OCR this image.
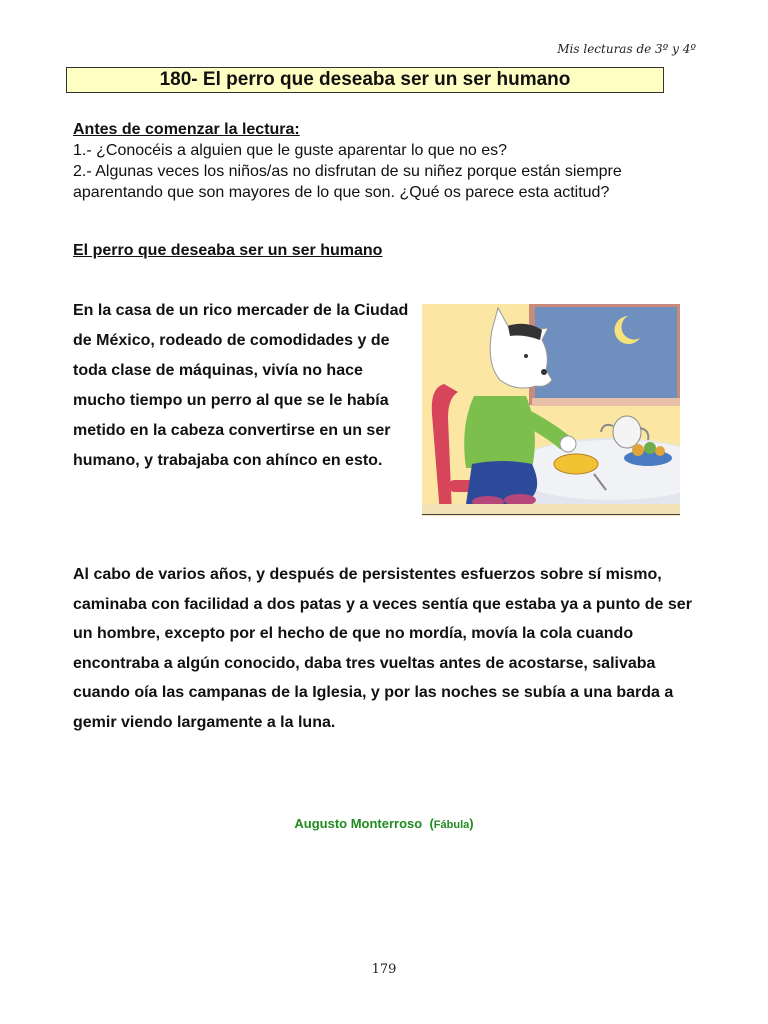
Mis lecturas de 3º y 4º
180- El perro que deseaba ser un ser humano
Antes de comenzar la lectura:
1.- ¿Conocéis a alguien que le guste aparentar lo que no es?
2.- Algunas veces los niños/as no disfrutan de su niñez porque están siempre aparentando que son mayores de lo que son. ¿Qué os parece esta actitud?
El perro que deseaba ser un ser humano
En la casa de un rico mercader de la Ciudad de México, rodeado de comodidades y de toda clase de máquinas, vivía no hace mucho tiempo un perro al que se le había metido en la cabeza convertirse en un ser humano, y trabajaba con ahínco en esto.
Al cabo de varios años, y después de persistentes esfuerzos sobre sí mismo, caminaba con facilidad a dos patas y a veces sentía que estaba ya a punto de ser un hombre, excepto por el hecho de que no mordía, movía la cola cuando encontraba a algún conocido, daba tres vueltas antes de acostarse, salivaba cuando oía las campanas de la Iglesia, y por las noches se subía a una barda a gemir viendo largamente a la luna.
Augusto Monterroso (Fábula)
179
